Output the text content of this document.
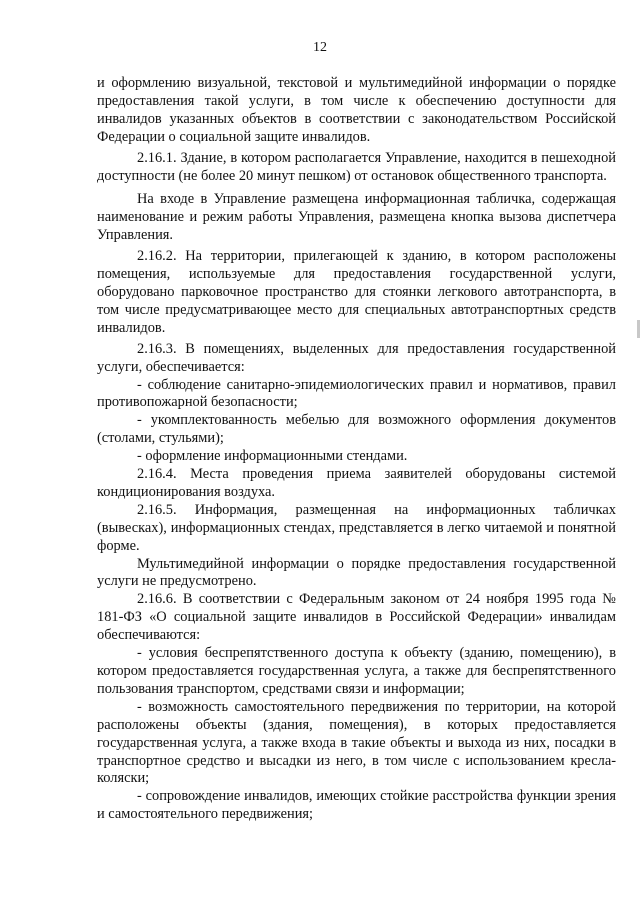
12

и оформлению визуальной, текстовой и мультимедийной информации о порядке предоставления такой услуги, в том числе к обеспечению доступности для инвалидов указанных объектов в соответствии с законодательством Российской Федерации о социальной защите инвалидов.

2.16.1. Здание, в котором располагается Управление, находится в пешеходной доступности (не более 20 минут пешком) от остановок общественного транспорта.

На входе в Управление размещена информационная табличка, содержащая наименование и режим работы Управления, размещена кнопка вызова диспетчера Управления.

2.16.2. На территории, прилегающей к зданию, в котором расположены помещения, используемые для предоставления государственной услуги, оборудовано парковочное пространство для стоянки легкового автотранспорта, в том числе предусматривающее место для специальных автотранспортных средств инвалидов.

2.16.3. В помещениях, выделенных для предоставления государственной услуги, обеспечивается:

- соблюдение санитарно-эпидемиологических правил и нормативов, правил противопожарной безопасности;

- укомплектованность мебелью для возможного оформления документов (столами, стульями);

- оформление информационными стендами.

2.16.4. Места проведения приема заявителей оборудованы системой кондиционирования воздуха.

2.16.5. Информация, размещенная на информационных табличках (вывесках), информационных стендах, представляется в легко читаемой и понятной форме.

Мультимедийной информации о порядке предоставления государственной услуги не предусмотрено.

2.16.6. В соответствии с Федеральным законом от 24 ноября 1995 года № 181-ФЗ «О социальной защите инвалидов в Российской Федерации» инвалидам обеспечиваются:

- условия беспрепятственного доступа к объекту (зданию, помещению), в котором предоставляется государственная услуга, а также для беспрепятственного пользования транспортом, средствами связи и информации;

- возможность самостоятельного передвижения по территории, на которой расположены объекты (здания, помещения), в которых предоставляется государственная услуга, а также входа в такие объекты и выхода из них, посадки в транспортное средство и высадки из него, в том числе с использованием кресла-коляски;

- сопровождение инвалидов, имеющих стойкие расстройства функции зрения и самостоятельного передвижения;
